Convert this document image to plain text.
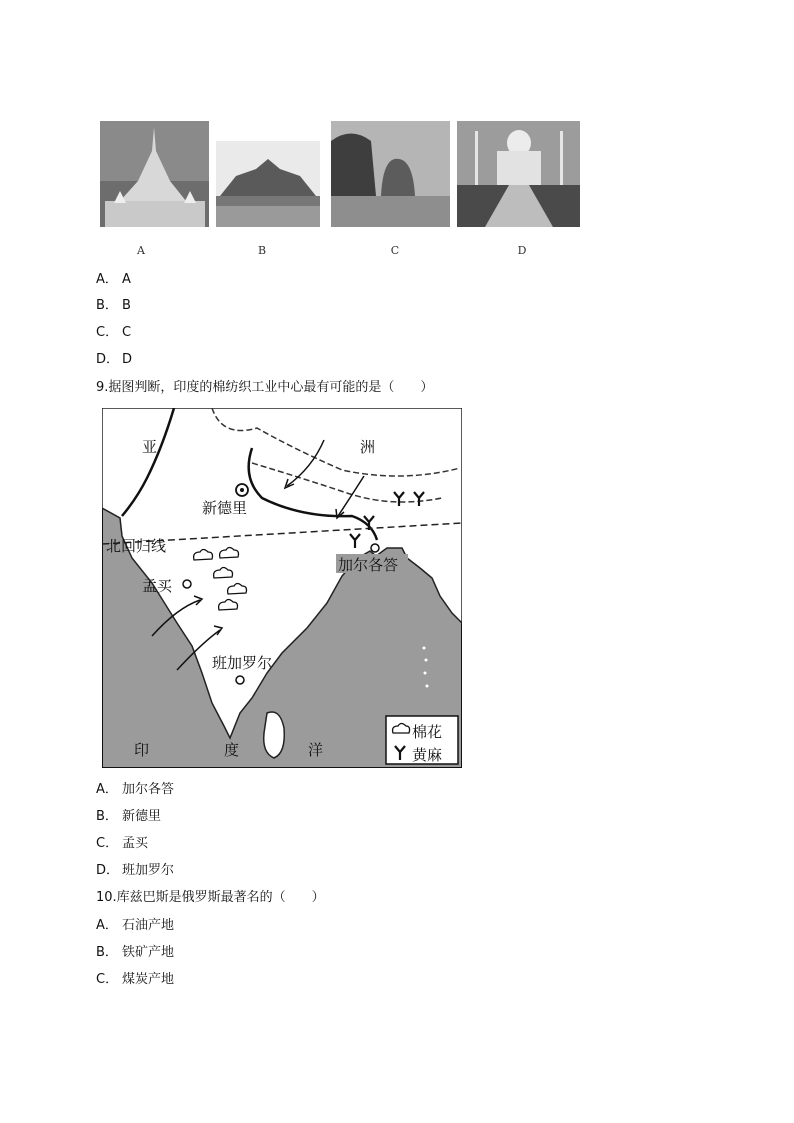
A	B	C	D
A． A
B． B
C． C
D． D
9.据图判断，印度的棉纺织工业中心最有可能的是（　　）
亚	洲
印	度	洋
新德里
加尔各答
孟买
班加罗尔
北回归线
棉花
黄麻
A． 加尔各答
B． 新德里
C． 孟买
D． 班加罗尔
10.库兹巴斯是俄罗斯最著名的（　　）
A． 石油产地
B． 铁矿产地
C． 煤炭产地
